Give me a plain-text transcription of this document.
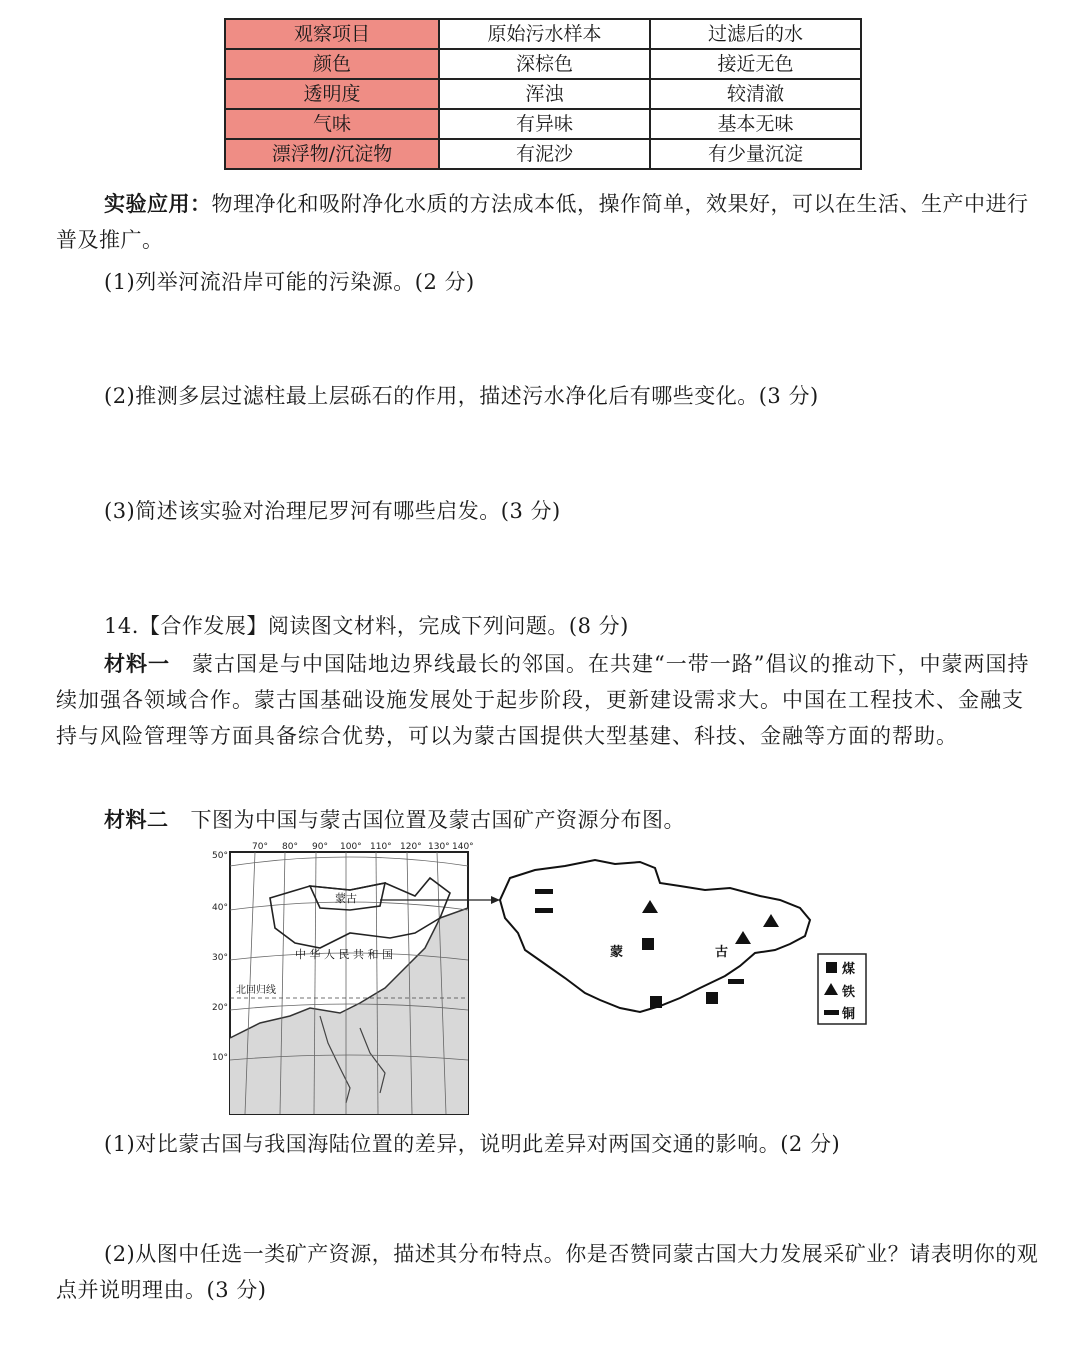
观察项目	原始污水样本	过滤后的水
颜色	深棕色	接近无色
透明度	浑浊	较清澈
气味	有异味	基本无味
漂浮物/沉淀物	有泥沙	有少量沉淀
实验应用：物理净化和吸附净化水质的方法成本低，操作简单，效果好，可以在生活、生产中进行普及推广。
(1)列举河流沿岸可能的污染源。(2 分)
(2)推测多层过滤柱最上层砾石的作用，描述污水净化后有哪些变化。(3 分)
(3)简述该实验对治理尼罗河有哪些启发。(3 分)
14.【合作发展】阅读图文材料，完成下列问题。(8 分)
材料一 蒙古国是与中国陆地边界线最长的邻国。在共建“一带一路”倡议的推动下，中蒙两国持续加强各领域合作。蒙古国基础设施发展处于起步阶段，更新建设需求大。中国在工程技术、金融支持与风险管理等方面具备综合优势，可以为蒙古国提供大型基建、科技、金融等方面的帮助。
材料二 下图为中国与蒙古国位置及蒙古国矿产资源分布图。
70° 80° 90° 100° 110° 120° 130° 140°
50°
40°
30°
20°
10°
蒙古
中 华 人 民 共 和 国
北回归线
蒙	古
煤
铁
铜
(1)对比蒙古国与我国海陆位置的差异，说明此差异对两国交通的影响。(2 分)
(2)从图中任选一类矿产资源，描述其分布特点。你是否赞同蒙古国大力发展采矿业？请表明你的观点并说明理由。(3 分)
